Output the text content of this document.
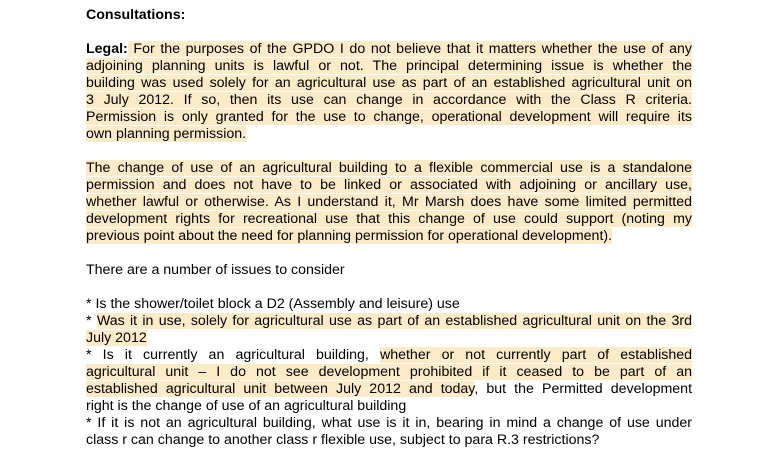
Consultations:

Legal: For the purposes of the GPDO I do not believe that it matters whether the use of any
adjoining planning units is lawful or not. The principal determining issue is whether the
building was used solely for an agricultural use as part of an established agricultural unit on
3 July 2012. If so, then its use can change in accordance with the Class R criteria.
Permission is only granted for the use to change, operational development will require its
own planning permission.
The change of use of an agricultural building to a flexible commercial use is a standalone
permission and does not have to be linked or associated with adjoining or ancillary use,
whether lawful or otherwise. As I understand it, Mr Marsh does have some limited permitted
development rights for recreational use that this change of use could support (noting my
previous point about the need for planning permission for operational development).

There are a number of issues to consider

* Is the shower/toilet block a D2 (Assembly and leisure) use

* Was it in use, solely for agricultural use as part of an established agricultural unit on the 3rd
July 2012
* Is it currently an agricultural building, whether or not currently part of established
agricultural unit – I do not see development prohibited if it ceased to be part of an
established agricultural unit between July 2012 and today, but the Permitted development
right is the change of use of an agricultural building
* If it is not an agricultural building, what use is it in, bearing in mind a change of use under
class r can change to another class r flexible use, subject to para R.3 restrictions?
